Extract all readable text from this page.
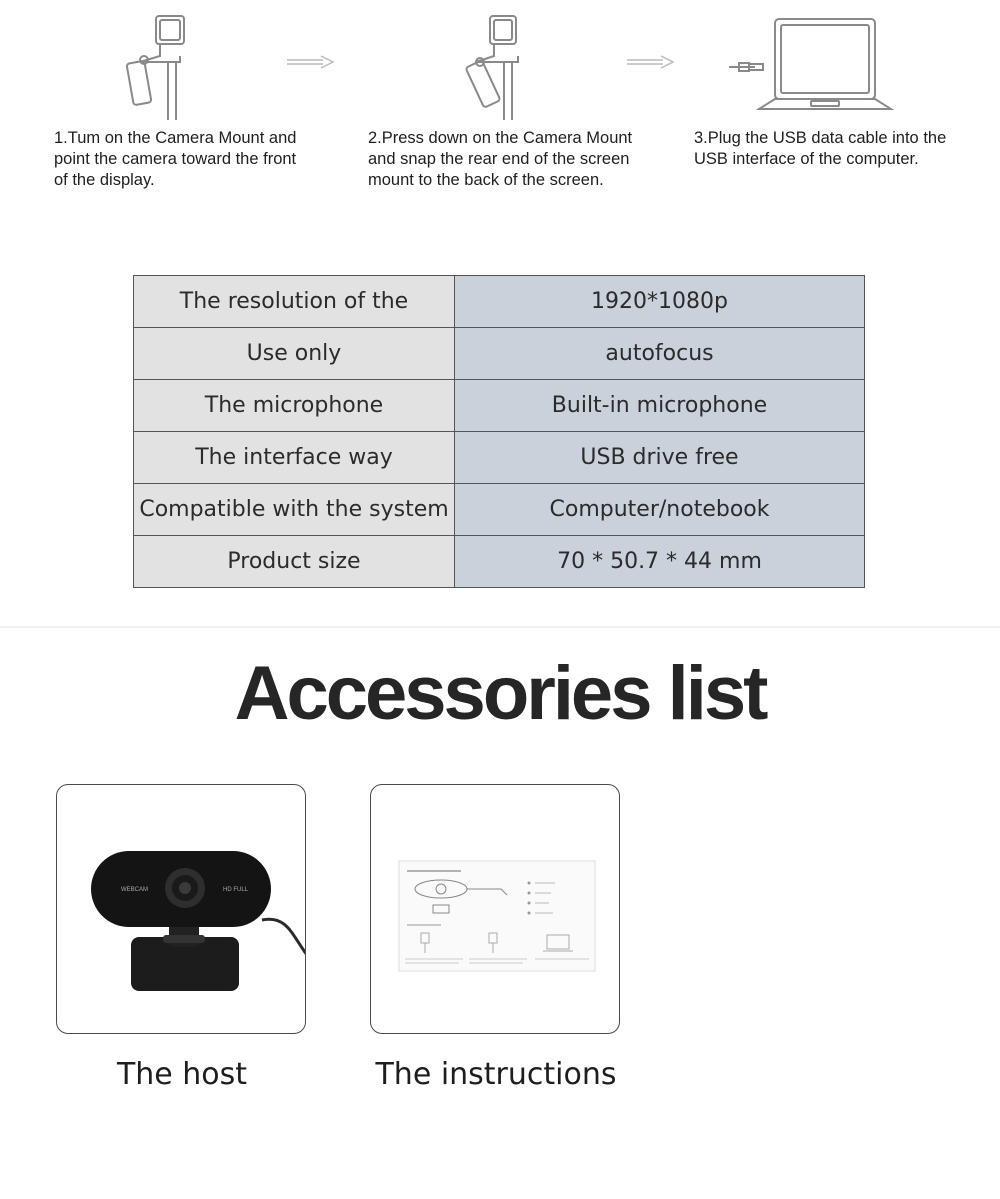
1.Tum on the Camera Mount and
point the camera toward the front
of the display.
2.Press down on the Camera Mount
and snap the rear end of the screen
mount to the back of the screen.
3.Plug the USB data cable into the
USB interface of the computer.
The resolution of the	1920*1080p
Use only	autofocus
The microphone	Built-in microphone
The interface way	USB drive free
Compatible with the system	Computer/notebook
Product size	70 * 50.7 * 44 mm
Accessories list
WEBCAM	HD FULL
The host	The instructions
